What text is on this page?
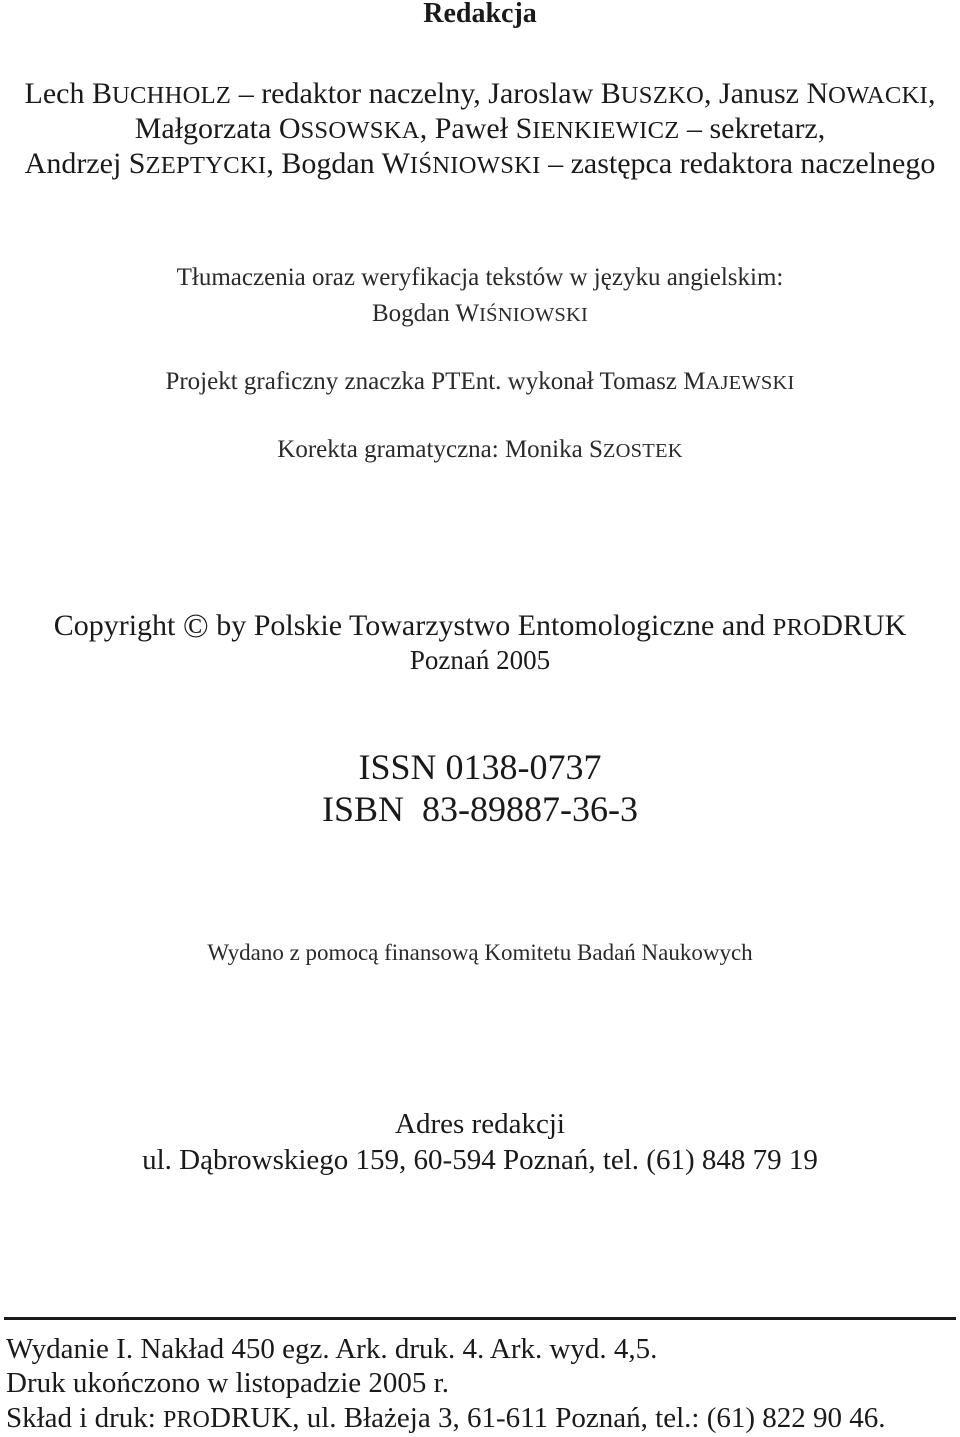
Redakcja
Lech BUCHHOLZ – redaktor naczelny, Jaroslaw BUSZKO, Janusz NOWACKI,
Małgorzata OSSOWSKA, Paweł SIENKIEWICZ – sekretarz,
Andrzej SZEPTYCKI, Bogdan WIŚNIOWSKI – zastępca redaktora naczelnego
Tłumaczenia oraz weryfikacja tekstów w języku angielskim:
Bogdan WIŚNIOWSKI
Projekt graficzny znaczka PTEnt. wykonał Tomasz MAJEWSKI
Korekta gramatyczna: Monika SZOSTEK
Copyright © by Polskie Towarzystwo Entomologiczne and PRODRUK
Poznań 2005
ISSN 0138-0737
ISBN  83-89887-36-3
Wydano z pomocą finansową Komitetu Badań Naukowych
Adres redakcji
ul. Dąbrowskiego 159, 60-594 Poznań, tel. (61) 848 79 19
Wydanie I. Nakład 450 egz. Ark. druk. 4. Ark. wyd. 4,5.
Druk ukończono w listopadzie 2005 r.
Skład i druk: PRODRUK, ul. Błażeja 3, 61-611 Poznań, tel.: (61) 822 90 46.
